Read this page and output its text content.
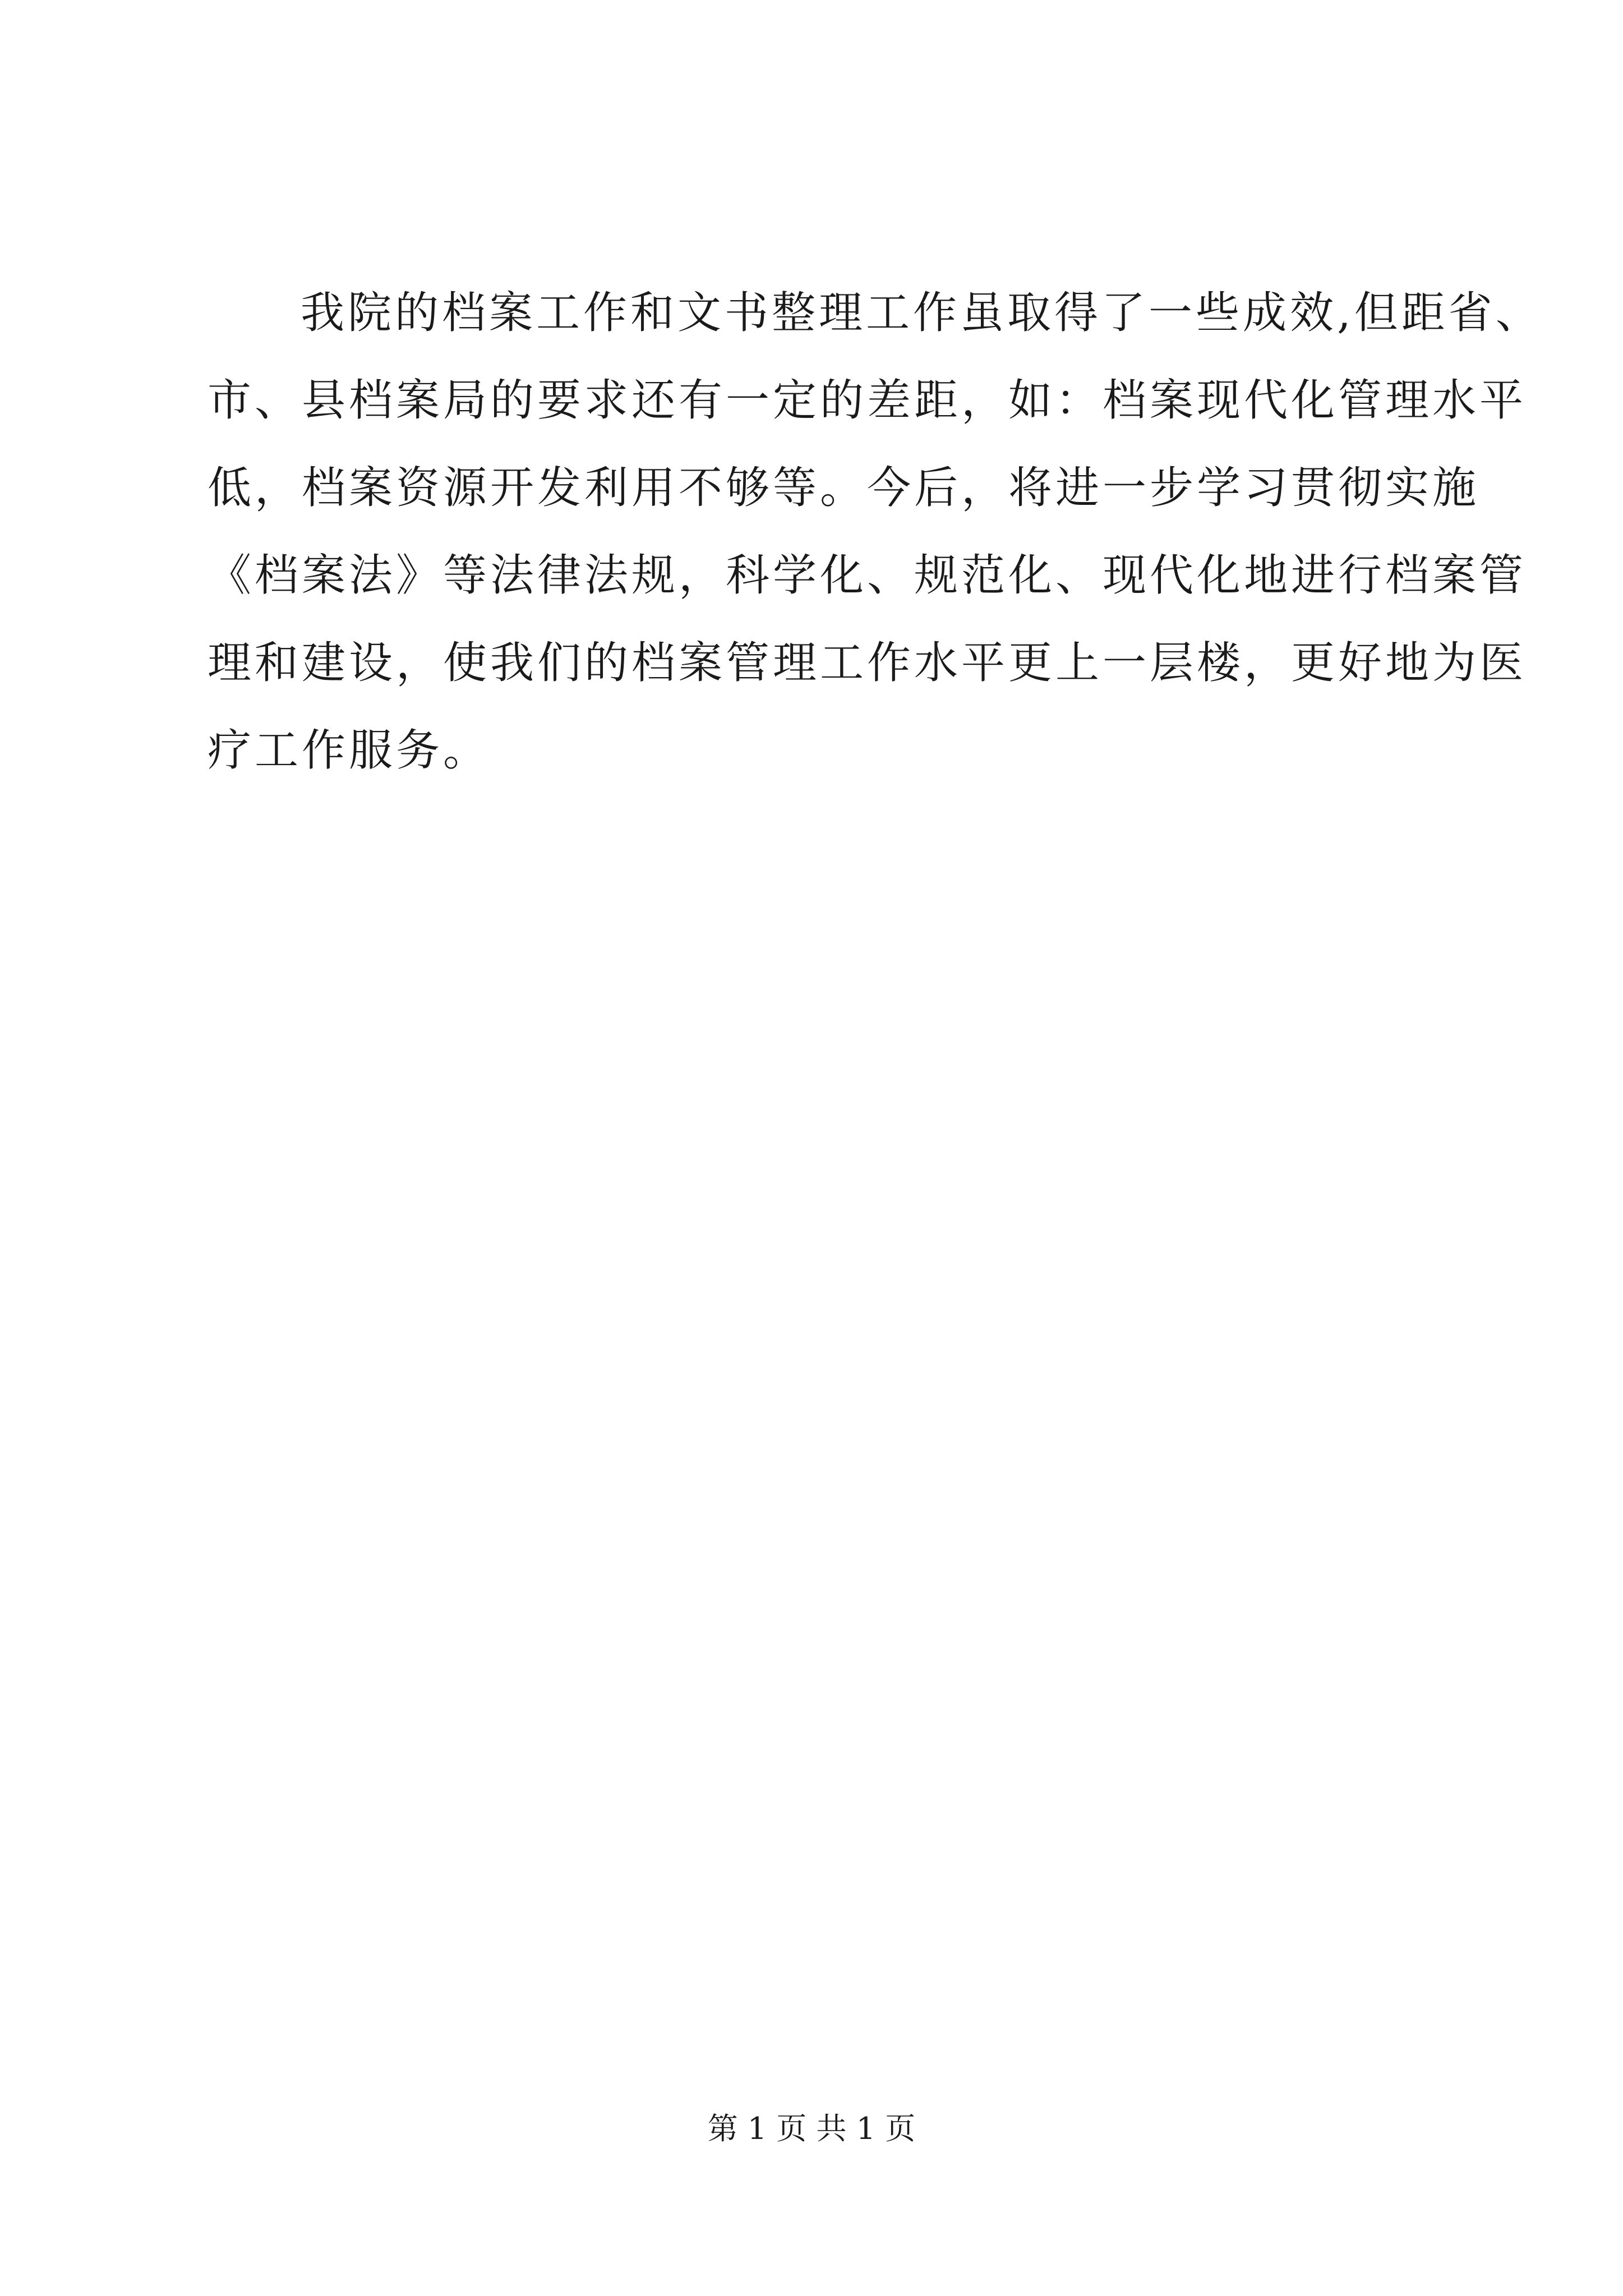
我院的档案工作和文书整理工作虽取得了一些成效,但距省、
市、县档案局的要求还有一定的差距，如：档案现代化管理水平
低，档案资源开发利用不够等。今后，将进一步学习贯彻实施
《档案法》等法律法规，科学化、规范化、现代化地进行档案管
理和建设，使我们的档案管理工作水平更上一层楼，更好地为医
疗工作服务。
第 1 页 共 1 页
